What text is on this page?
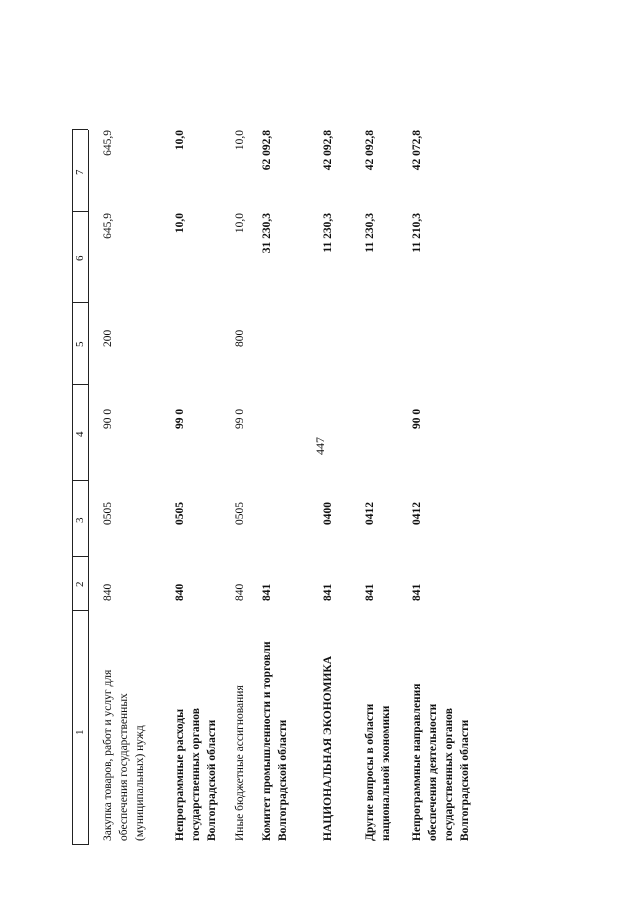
447
1
2
3
4
5
6
7
Закупка товаров, работ и услуг для обеспечения государственных (муниципальных) нужд
840
0505
90 0
200
645,9
645,9
Непрограммные расходы государственных органов Волгоградской области
840
0505
99 0
10,0
10,0
Иные бюджетные ассигнования
840
0505
99 0
800
10,0
10,0
Комитет промышленности и торговли Волгоградской области
841
31 230,3
62 092,8
НАЦИОНАЛЬНАЯ ЭКОНОМИКА
841
0400
11 230,3
42 092,8
Другие вопросы в области национальной экономики
841
0412
11 230,3
42 092,8
Непрограммные направления обеспечения деятельности государственных органов Волгоградской области
841
0412
90 0
11 210,3
42 072,8
